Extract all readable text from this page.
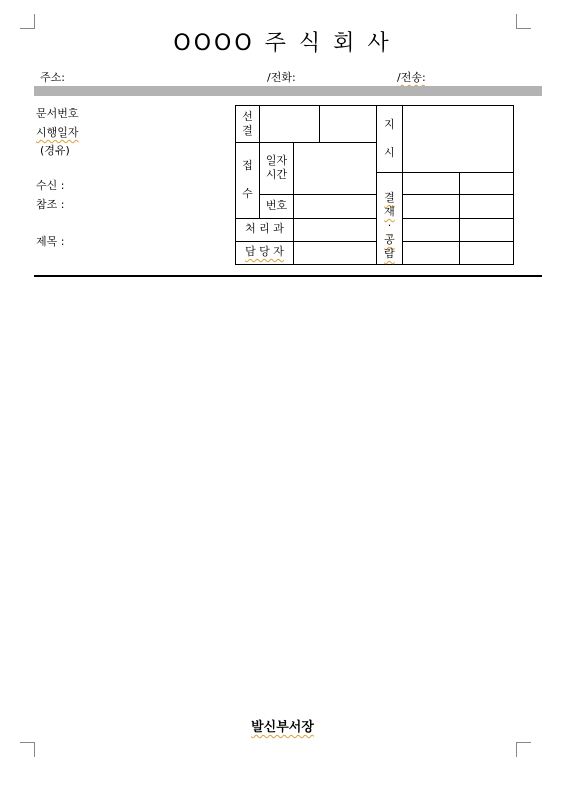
OOOO 주 식 회 사
주소:	/전화:	/전송:
문서번호
시행일자
(경유)
수신 :
참조 :
제목 :
선
결
접

수
일자
시간
번호
처 리 과
담 당 자
지

시
결
재
·
공
람
발신부서장
